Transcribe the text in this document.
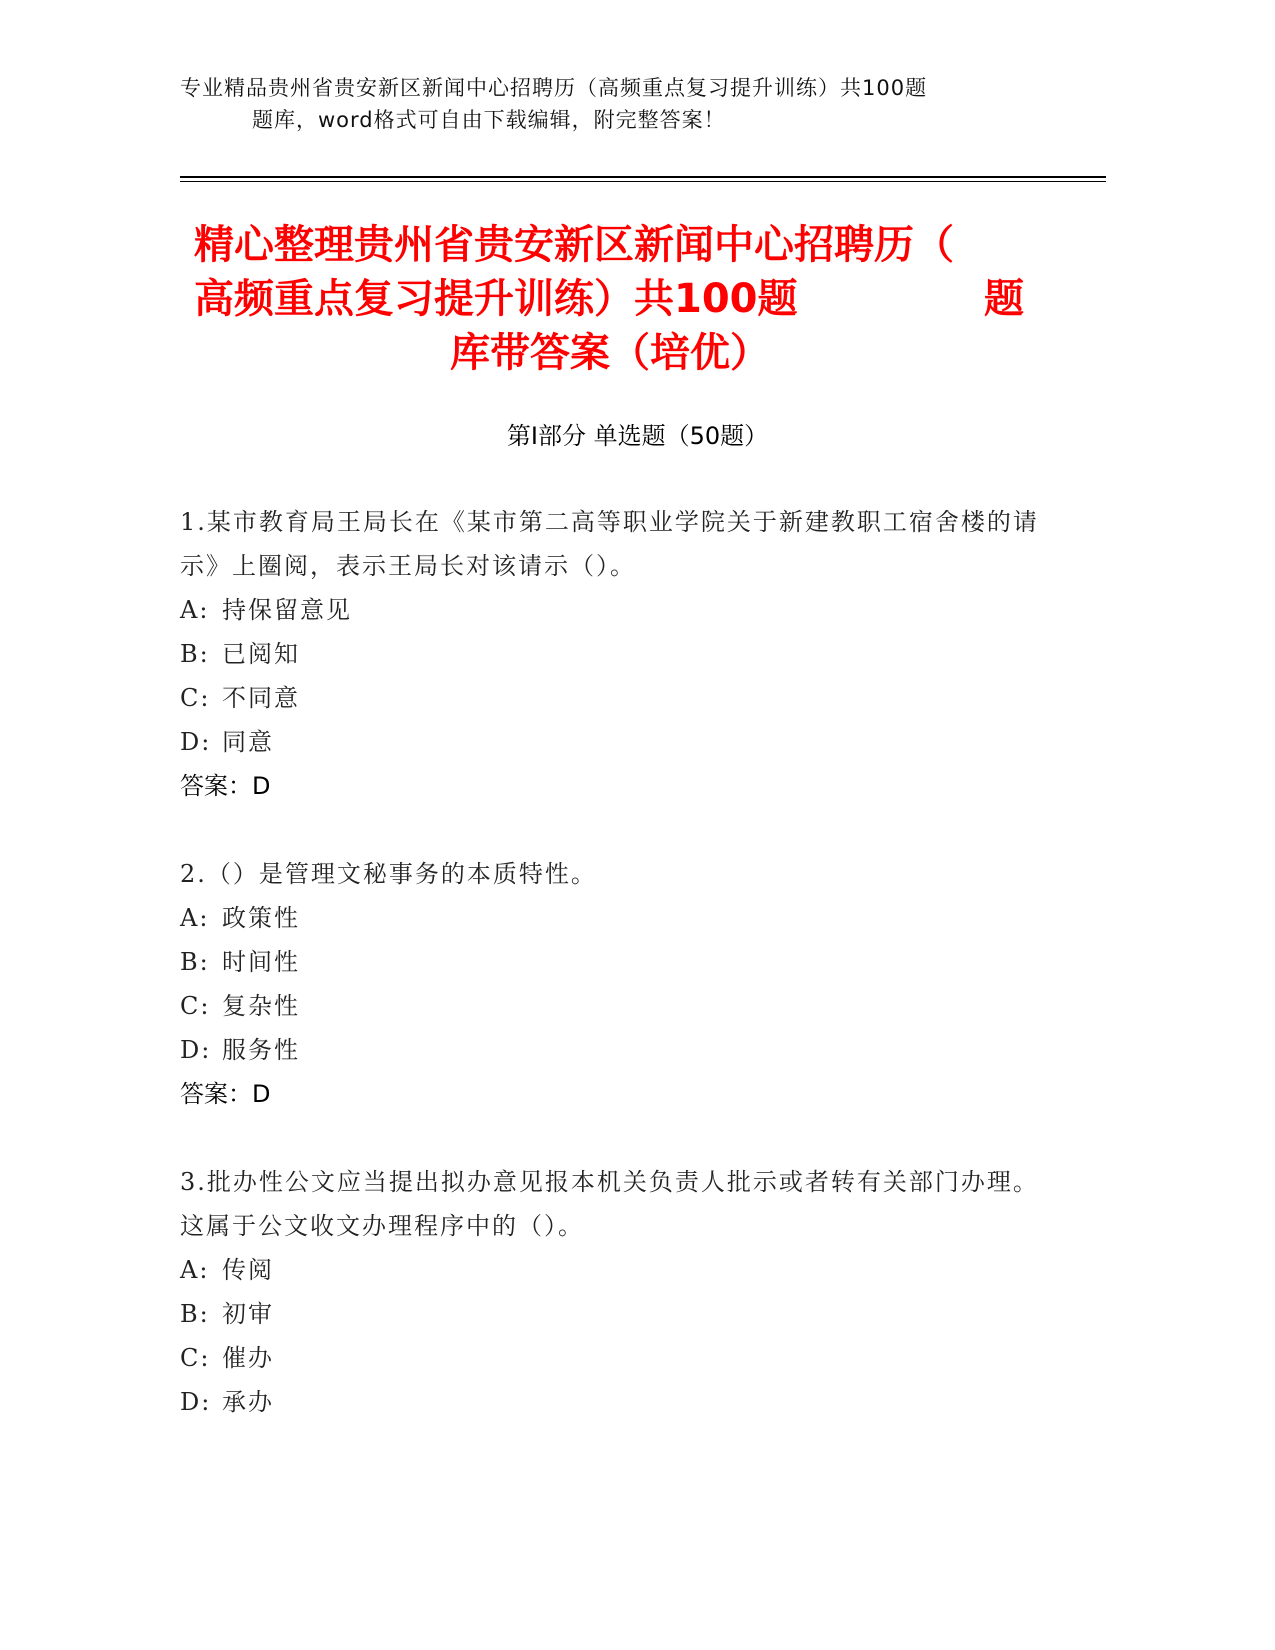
专业精品贵州省贵安新区新闻中心招聘历（高频重点复习提升训练）共100题
题库，word格式可自由下载编辑，附完整答案！
精心整理贵州省贵安新区新闻中心招聘历（
高频重点复习提升训练）共100题	题
库带答案（培优）
第Ⅰ部分 单选题（50题）
1.某市教育局王局长在《某市第二高等职业学院关于新建教职工宿舍楼的请示》上圈阅，表示王局长对该请示（）。
A: 持保留意见
B: 已阅知
C: 不同意
D: 同意
答案：D
2.（）是管理文秘事务的本质特性。
A: 政策性
B: 时间性
C: 复杂性
D: 服务性
答案：D
3.批办性公文应当提出拟办意见报本机关负责人批示或者转有关部门办理。这属于公文收文办理程序中的（）。
A: 传阅
B: 初审
C: 催办
D: 承办
